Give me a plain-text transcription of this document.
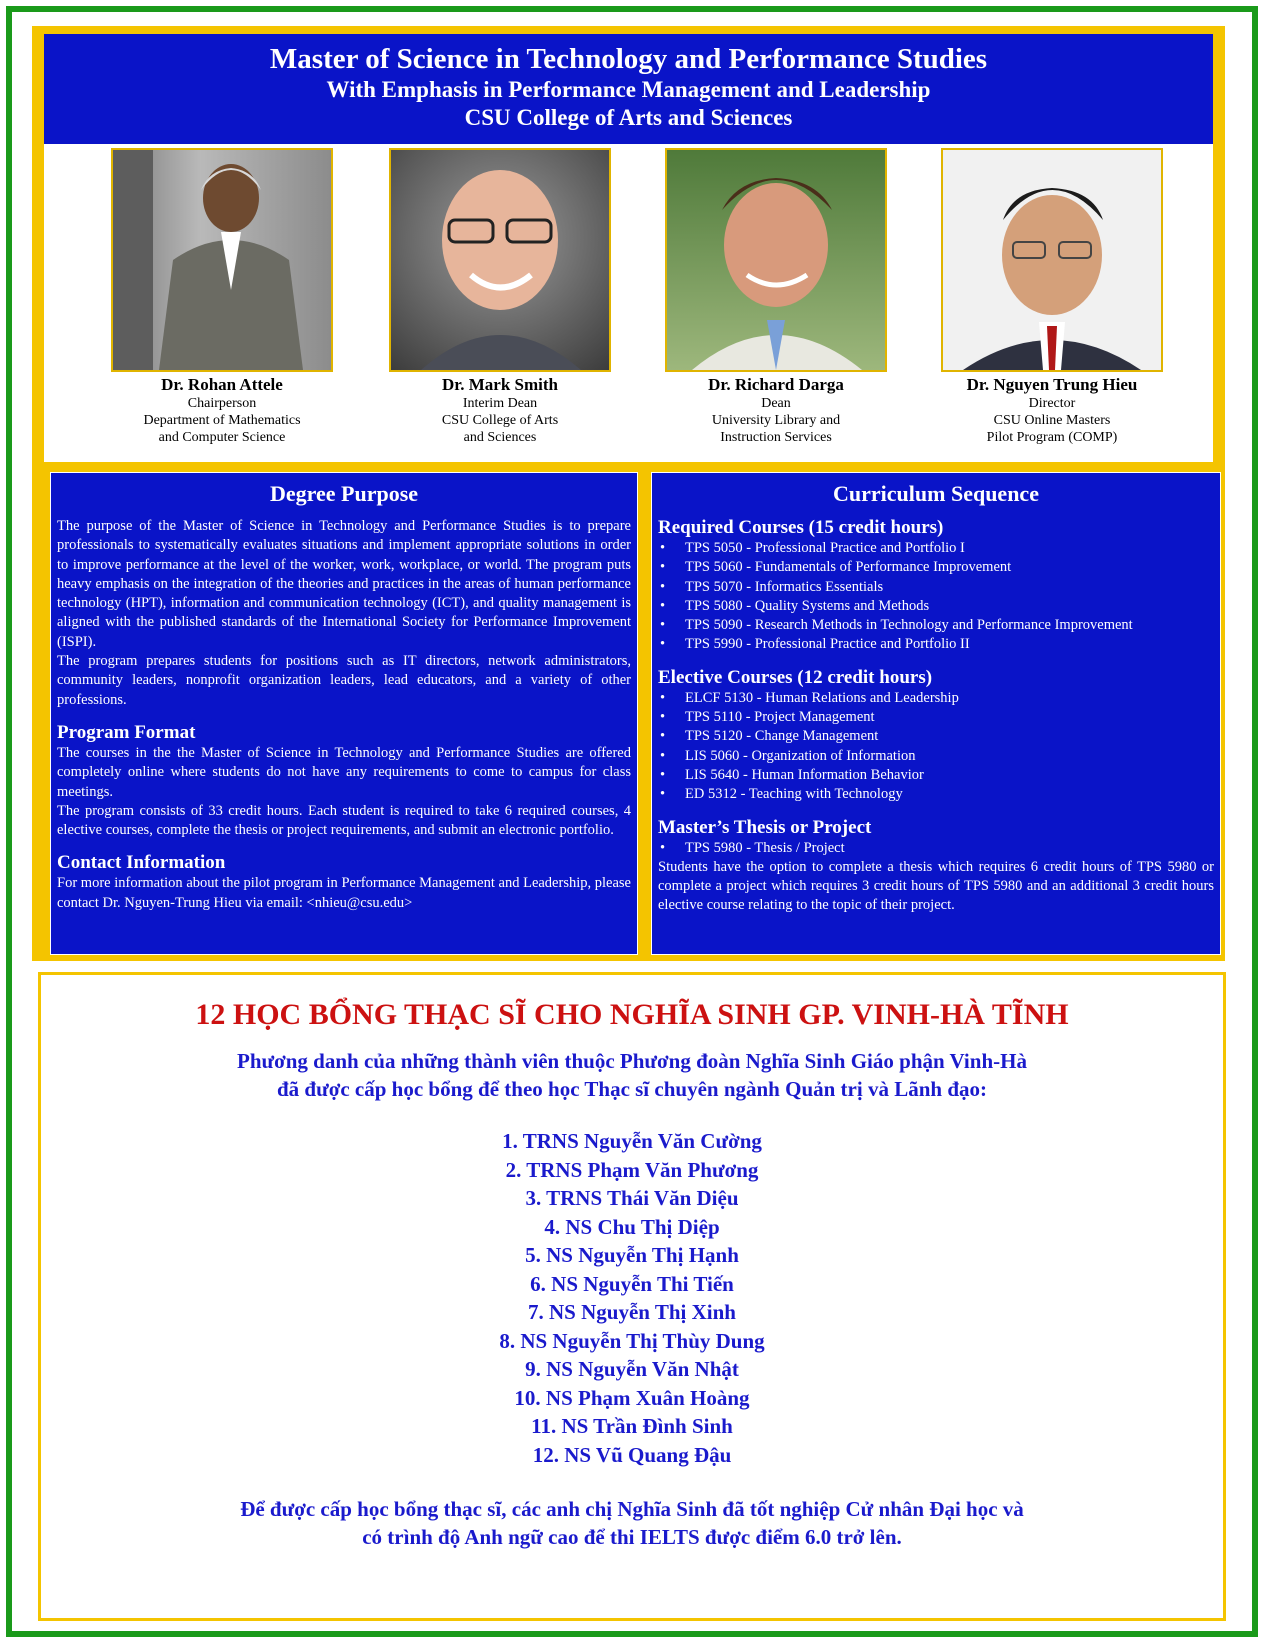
Master of Science in Technology and Performance Studies
With Emphasis in Performance Management and Leadership
CSU College of Arts and Sciences
Dr. Rohan Attele
Chairperson
Department of Mathematics
and Computer Science
Dr. Mark Smith
Interim Dean
CSU College of Arts
and Sciences
Dr. Richard Darga
Dean
University Library and
Instruction Services
Dr. Nguyen Trung Hieu
Director
CSU Online Masters
Pilot Program (COMP)
Degree Purpose

The purpose of the Master of Science in Technology and Performance Studies is to prepare professionals to systematically evaluates situations and implement appropriate solutions in order to improve performance at the level of the worker, work, workplace, or world. The program puts heavy emphasis on the integration of the theories and practices in the areas of human performance technology (HPT), information and communication technology (ICT), and quality management is aligned with the published standards of the International Society for Performance Improvement (ISPI).

The program prepares students for positions such as IT directors, network administrators, community leaders, nonprofit organization leaders, lead educators, and a variety of other professions.

Program Format

The courses in the the Master of Science in Technology and Performance Studies are offered completely online where students do not have any requirements to come to campus for class meetings.

The program consists of 33 credit hours. Each student is required to take 6 required courses, 4 elective courses, complete the thesis or project requirements, and submit an electronic portfolio.

Contact Information

For more information about the pilot program in Performance Management and Leadership, please contact Dr. Nguyen-Trung Hieu via email: <nhieu@csu.edu>

Curriculum Sequence
Required Courses (15 credit hours)
• TPS 5050 - Professional Practice and Portfolio I
• TPS 5060 - Fundamentals of Performance Improvement
• TPS 5070 - Informatics Essentials
• TPS 5080 - Quality Systems and Methods
• TPS 5090 - Research Methods in Technology and Performance Improvement
• TPS 5990 - Professional Practice and Portfolio II
Elective Courses (12 credit hours)
• ELCF 5130 - Human Relations and Leadership
• TPS 5110 - Project Management
• TPS 5120 - Change Management
• LIS 5060 - Organization of Information
• LIS 5640 - Human Information Behavior
• ED 5312 - Teaching with Technology
Master’s Thesis or Project
• TPS 5980 - Thesis / Project

Students have the option to complete a thesis which requires 6 credit hours of TPS 5980 or complete a project which requires 3 credit hours of TPS 5980 and an additional 3 credit hours elective course relating to the topic of their project.

12 HỌC BỔNG THẠC SĨ CHO NGHĨA SINH GP. VINH-HÀ TĨNH
Phương danh của những thành viên thuộc Phương đoàn Nghĩa Sinh Giáo phận Vinh-Hà
đã được cấp học bổng để theo học Thạc sĩ chuyên ngành Quản trị và Lãnh đạo:
1. TRNS Nguyễn Văn Cường
2. TRNS Phạm Văn Phương
3. TRNS Thái Văn Diệu
4. NS Chu Thị Diệp
5. NS Nguyễn Thị Hạnh
6. NS Nguyễn Thi Tiến
7. NS Nguyễn Thị Xinh
8. NS Nguyễn Thị Thùy Dung
9. NS Nguyễn Văn Nhật
10. NS Phạm Xuân Hoàng
11. NS Trần Đình Sinh
12. NS Vũ Quang Đậu
Để được cấp học bổng thạc sĩ, các anh chị Nghĩa Sinh đã tốt nghiệp Cử nhân Đại học và
có trình độ Anh ngữ cao để thi IELTS được điểm 6.0 trở lên.
